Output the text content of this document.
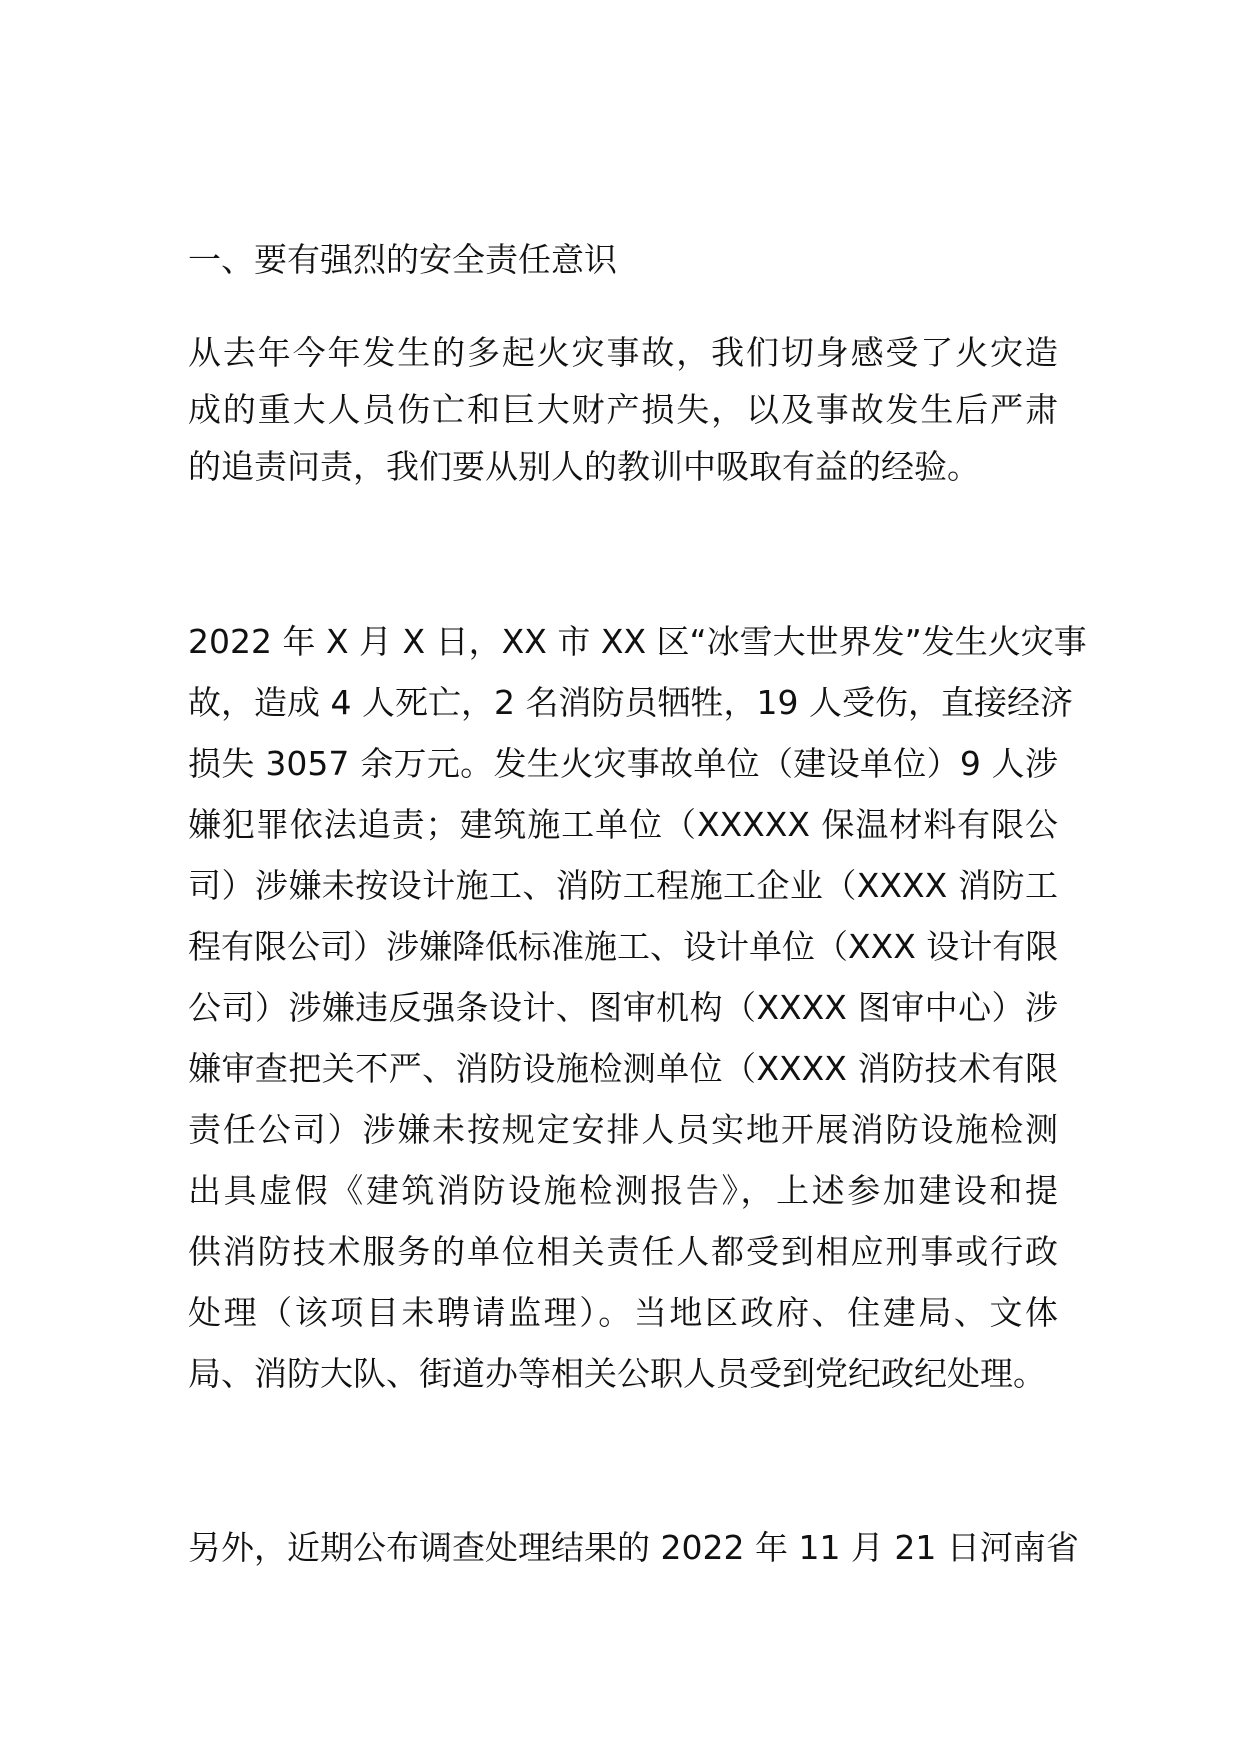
一、要有强烈的安全责任意识

从去年今年发生的多起火灾事故，我们切身感受了火灾造

成的重大人员伤亡和巨大财产损失，以及事故发生后严肃

的追责问责，我们要从别人的教训中吸取有益的经验。

2022 年 X 月 X 日，XX 市 XX 区“冰雪大世界发”发生火灾事

故，造成 4 人死亡，2 名消防员牺牲，19 人受伤，直接经济

损失 3057 余万元。发生火灾事故单位（建设单位）9 人涉

嫌犯罪依法追责；建筑施工单位（XXXXX 保温材料有限公

司）涉嫌未按设计施工、消防工程施工企业（XXXX 消防工

程有限公司）涉嫌降低标准施工、设计单位（XXX 设计有限

公司）涉嫌违反强条设计、图审机构（XXXX 图审中心）涉

嫌审查把关不严、消防设施检测单位（XXXX 消防技术有限

责任公司）涉嫌未按规定安排人员实地开展消防设施检测

出具虚假《建筑消防设施检测报告》，上述参加建设和提

供消防技术服务的单位相关责任人都受到相应刑事或行政

处理（该项目未聘请监理）。当地区政府、住建局、文体

局、消防大队、街道办等相关公职人员受到党纪政纪处理。

另外，近期公布调查处理结果的 2022 年 11 月 21 日河南省
